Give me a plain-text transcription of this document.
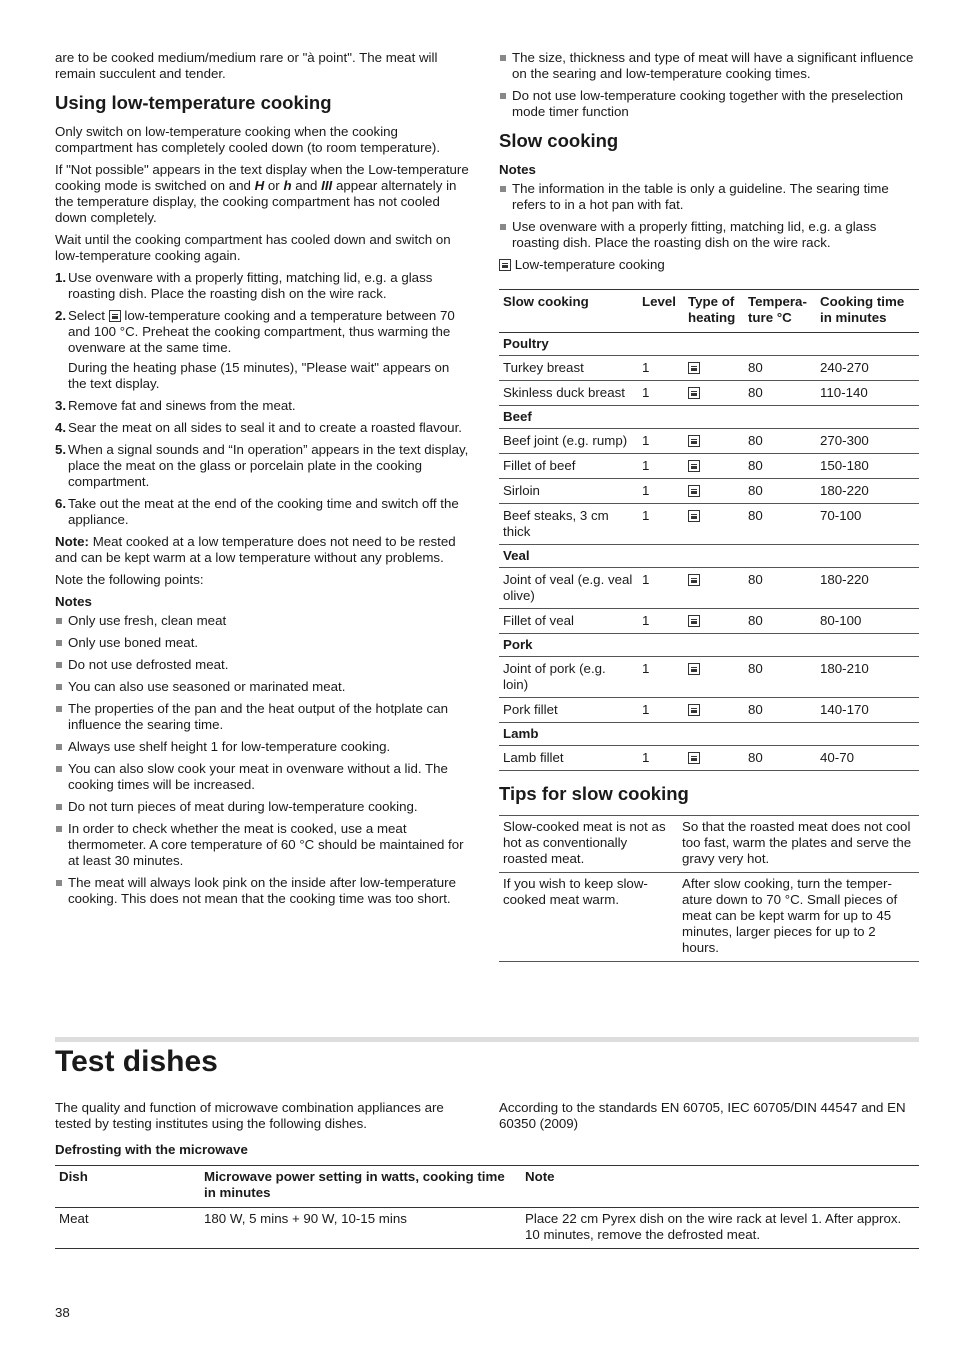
are to be cooked medium/medium rare or "à point". The meat will remain succulent and tender.

Using low-temperature cooking

Only switch on low-temperature cooking when the cooking compartment has completely cooled down (to room temperature).

If "Not possible" appears in the text display when the Low-temperature cooking mode is switched on and H or h and III appear alternately in the temperature display, the cooking compartment has not cooled down completely.

Wait until the cooking compartment has cooled down and switch on low-temperature cooking again.

1. Use ovenware with a properly fitting, matching lid, e.g. a glass roasting dish. Place the roasting dish on the wire rack.
2. Select low-temperature cooking and a temperature between 70 and 100 °C. Preheat the cooking compartment, thus warming the ovenware at the same time.
During the heating phase (15 minutes), "Please wait" appears on the text display.
3. Remove fat and sinews from the meat.
4. Sear the meat on all sides to seal it and to create a roasted flavour.
5. When a signal sounds and “In operation” appears in the text display, place the meat on the glass or porcelain plate in the cooking compartment.
6. Take out the meat at the end of the cooking time and switch off the appliance.

Note: Meat cooked at a low temperature does not need to be rested and can be kept warm at a low temperature without any problems.

Note the following points:

Notes
Only use fresh, clean meat
Only use boned meat.
Do not use defrosted meat.
You can also use seasoned or marinated meat.
The properties of the pan and the heat output of the hotplate can influence the searing time.
Always use shelf height 1 for low-temperature cooking.
You can also slow cook your meat in ovenware without a lid. The cooking times will be increased.
Do not turn pieces of meat during low-temperature cooking.
In order to check whether the meat is cooked, use a meat thermometer. A core temperature of 60 °C should be maintained for at least 30 minutes.
The meat will always look pink on the inside after low-temperature cooking. This does not mean that the cooking time was too short.
The size, thickness and type of meat will have a significant influence on the searing and low-temperature cooking times.
Do not use low-temperature cooking together with the preselection mode timer function
Slow cooking
Notes
The information in the table is only a guideline. The searing time refers to in a hot pan with fat.
Use ovenware with a properly fitting, matching lid, e.g. a glass roasting dish. Place the roasting dish on the wire rack.

Low-temperature cooking

Slow cooking	Level	Type of heating	Tempera-ture °C	Cooking time in minutes
Poultry				
Turkey breast	1		80	240-270
Skinless duck breast	1		80	110-140
Beef				
Beef joint (e.g. rump)	1		80	270-300
Fillet of beef	1		80	150-180
Sirloin	1		80	180-220
Beef steaks, 3 cm thick	1		80	70-100
Veal				
Joint of veal (e.g. veal olive)	1		80	180-220
Fillet of veal	1		80	80-100
Pork				
Joint of pork (e.g. loin)	1		80	180-210
Pork fillet	1		80	140-170
Lamb				
Lamb fillet	1		80	40-70
Tips for slow cooking
Slow-cooked meat is not as hot as conventionally roasted meat.	So that the roasted meat does not cool too fast, warm the plates and serve the gravy very hot.
If you wish to keep slow-cooked meat warm.	After slow cooking, turn the temper-ature down to 70 °C. Small pieces of meat can be kept warm for up to 45 minutes, larger pieces for up to 2 hours.
Test dishes
The quality and function of microwave combination appliances are tested by testing institutes using the following dishes.
According to the standards EN 60705, IEC 60705/DIN 44547 and EN 60350 (2009)
Defrosting with the microwave
Dish	Microwave power setting in watts, cooking time in minutes	Note
Meat	180 W, 5 mins + 90 W, 10-15 mins	Place 22 cm Pyrex dish on the wire rack at level 1. After approx. 10 minutes, remove the defrosted meat.
38
